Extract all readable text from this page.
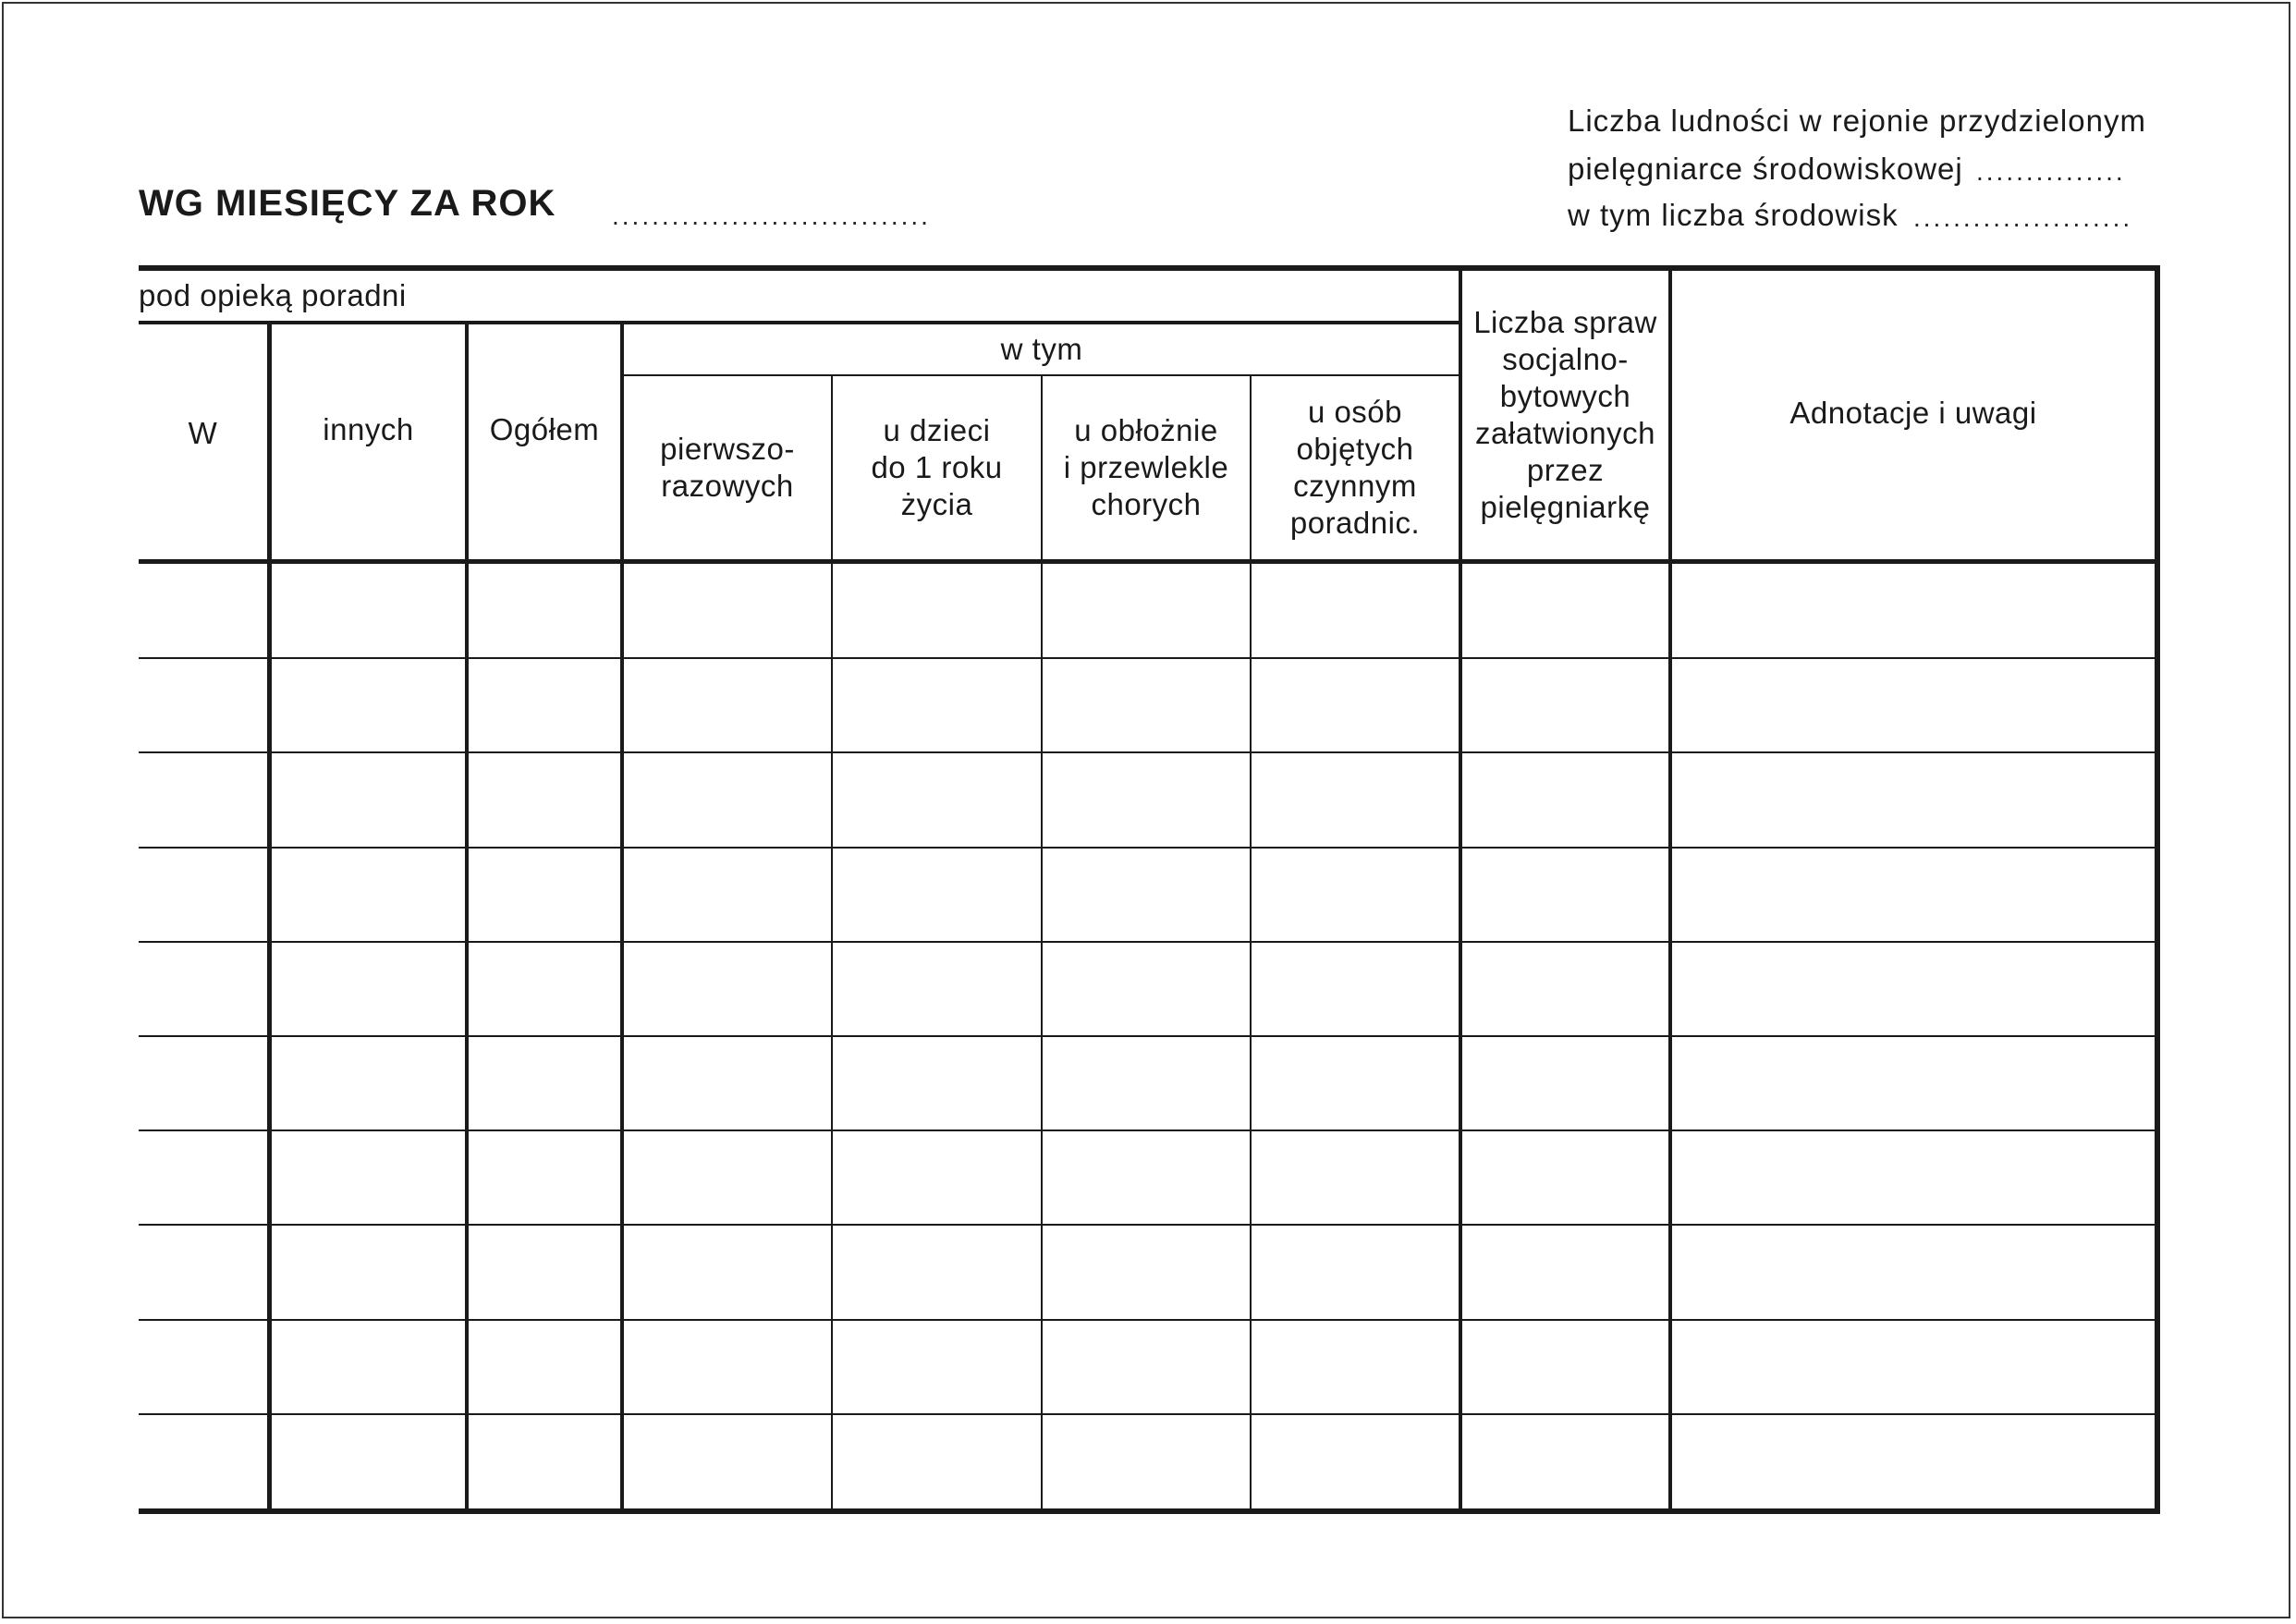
WG MIESIĘCY ZA ROK ................................
Liczba ludności w rejonie przydzielonym
pielęgniarce środowiskowej ...............
w tym liczba środowisk ......................
pod opieką poradni
w tym
W	innych	Ogółem
pierwszo-
razowych
u dzieci
do 1 roku
życia
u obłożnie
i przewlekle
chorych
u osób
objętych
czynnym
poradnic.
Liczba spraw
socjalno-
bytowych
załatwionych
przez
pielęgniarkę
Adnotacje i uwagi
